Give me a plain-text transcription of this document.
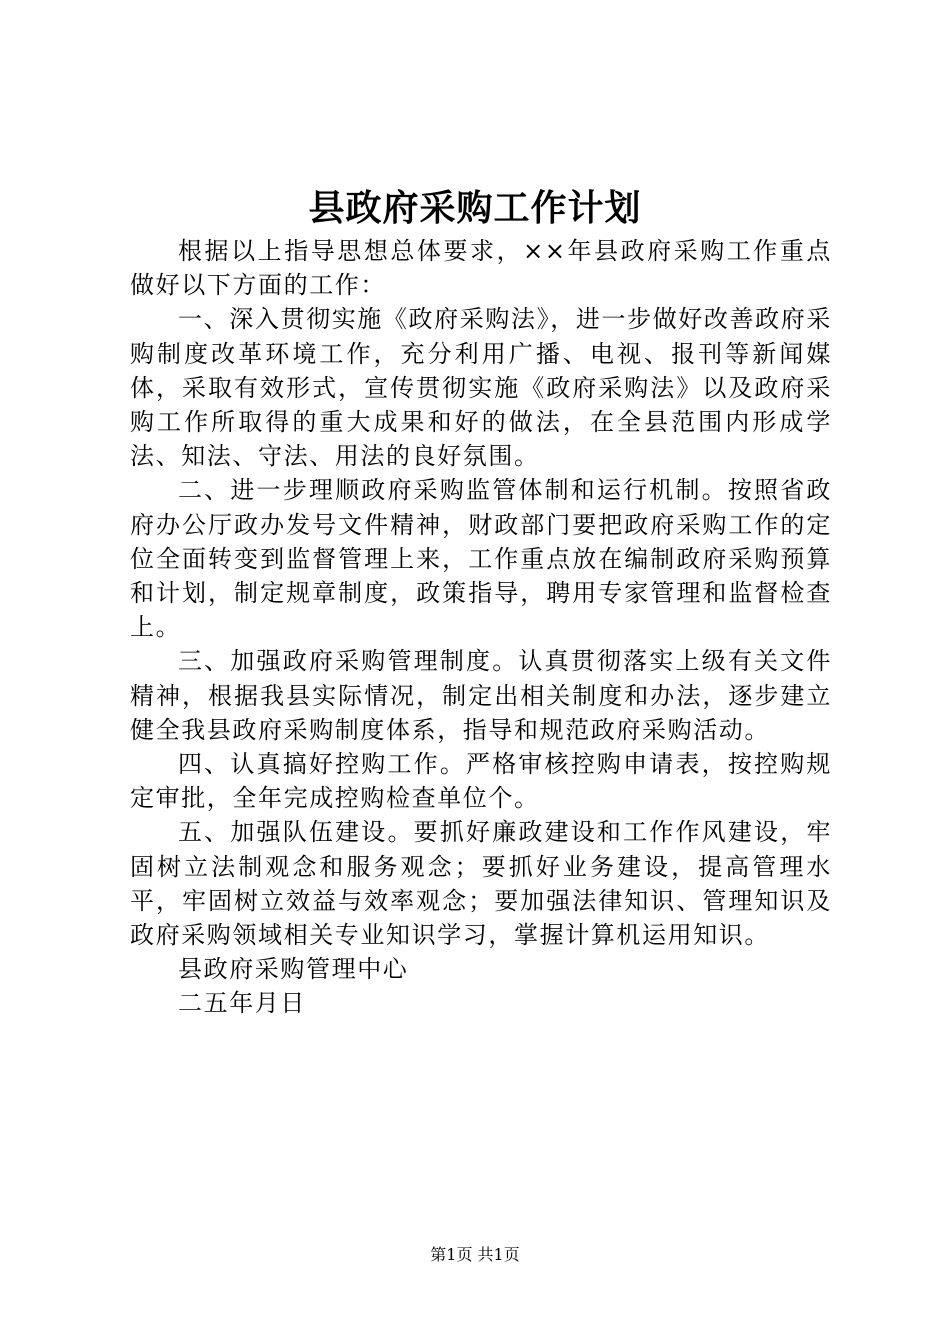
县政府采购工作计划

根据以上指导思想总体要求，××年县政府采购工作重点做好以下方面的工作：

一、深入贯彻实施《政府采购法》，进一步做好改善政府采购制度改革环境工作，充分利用广播、电视、报刊等新闻媒体，采取有效形式，宣传贯彻实施《政府采购法》以及政府采购工作所取得的重大成果和好的做法，在全县范围内形成学法、知法、守法、用法的良好氛围。

二、进一步理顺政府采购监管体制和运行机制。按照省政府办公厅政办发号文件精神，财政部门要把政府采购工作的定位全面转变到监督管理上来，工作重点放在编制政府采购预算和计划，制定规章制度，政策指导，聘用专家管理和监督检查上。

三、加强政府采购管理制度。认真贯彻落实上级有关文件精神，根据我县实际情况，制定出相关制度和办法，逐步建立健全我县政府采购制度体系，指导和规范政府采购活动。

四、认真搞好控购工作。严格审核控购申请表，按控购规定审批，全年完成控购检查单位个。

五、加强队伍建设。要抓好廉政建设和工作作风建设，牢固树立法制观念和服务观念；要抓好业务建设，提高管理水平，牢固树立效益与效率观念；要加强法律知识、管理知识及政府采购领域相关专业知识学习，掌握计算机运用知识。

县政府采购管理中心

二五年月日

第1页 共1页
